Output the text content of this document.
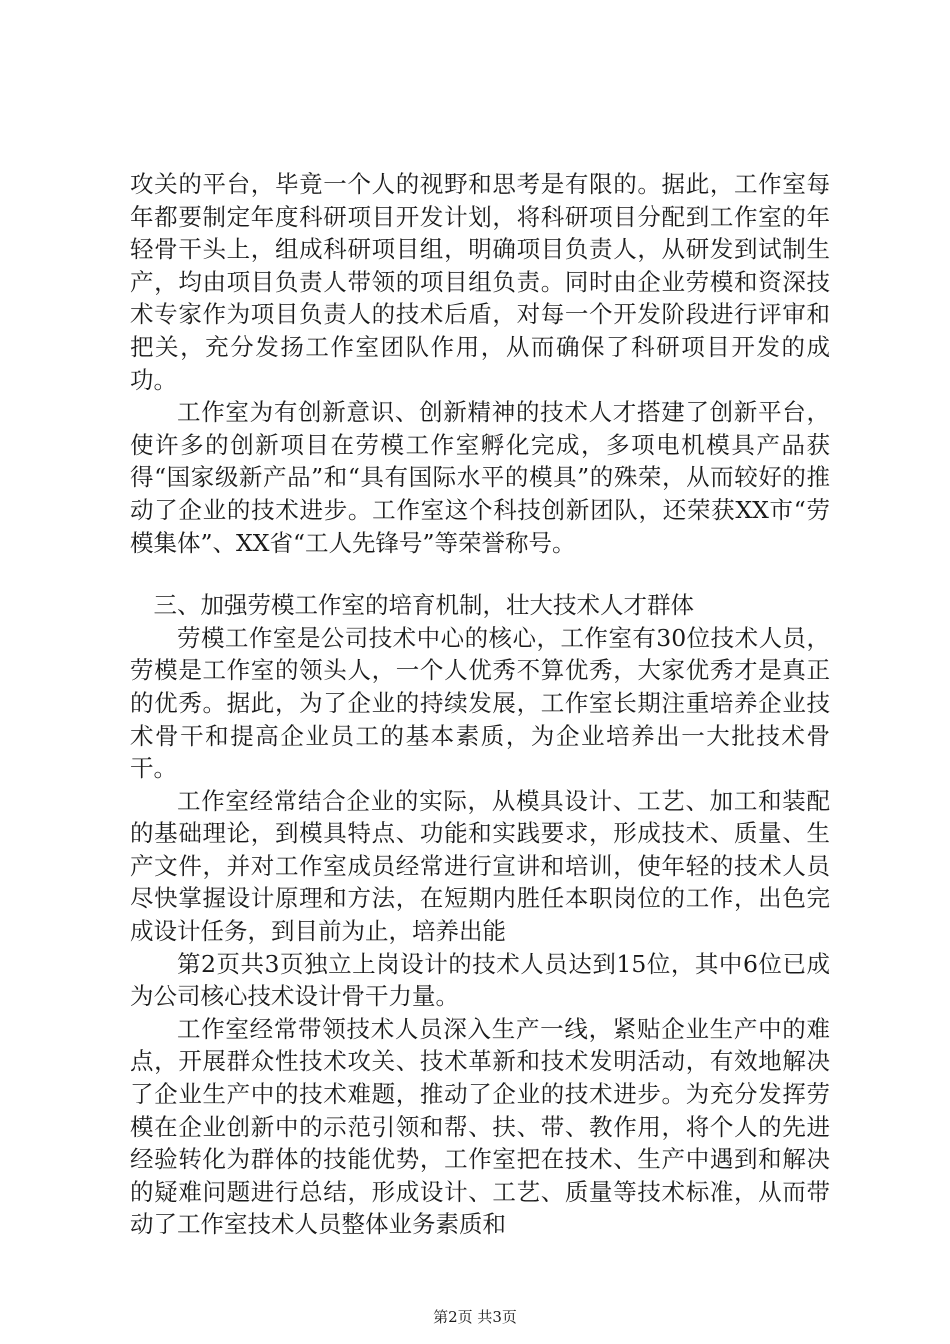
攻关的平台，毕竟一个人的视野和思考是有限的。据此，工作室每年都要制定年度科研项目开发计划，将科研项目分配到工作室的年轻骨干头上，组成科研项目组，明确项目负责人，从研发到试制生产，均由项目负责人带领的项目组负责。同时由企业劳模和资深技术专家作为项目负责人的技术后盾，对每一个开发阶段进行评审和把关，充分发扬工作室团队作用，从而确保了科研项目开发的成功。

工作室为有创新意识、创新精神的技术人才搭建了创新平台，使许多的创新项目在劳模工作室孵化完成，多项电机模具产品获得“国家级新产品”和“具有国际水平的模具”的殊荣，从而较好的推动了企业的技术进步。工作室这个科技创新团队，还荣获XX市“劳模集体”、XX省“工人先锋号”等荣誉称号。

三、加强劳模工作室的培育机制，壮大技术人才群体

劳模工作室是公司技术中心的核心，工作室有30位技术人员，劳模是工作室的领头人，一个人优秀不算优秀，大家优秀才是真正的优秀。据此，为了企业的持续发展，工作室长期注重培养企业技术骨干和提高企业员工的基本素质，为企业培养出一大批技术骨干。

工作室经常结合企业的实际，从模具设计、工艺、加工和装配的基础理论，到模具特点、功能和实践要求，形成技术、质量、生产文件，并对工作室成员经常进行宣讲和培训，使年轻的技术人员尽快掌握设计原理和方法，在短期内胜任本职岗位的工作，出色完成设计任务，到目前为止，培养出能

第2页共3页独立上岗设计的技术人员达到15位，其中6位已成为公司核心技术设计骨干力量。

工作室经常带领技术人员深入生产一线，紧贴企业生产中的难点，开展群众性技术攻关、技术革新和技术发明活动，有效地解决了企业生产中的技术难题，推动了企业的技术进步。为充分发挥劳模在企业创新中的示范引领和帮、扶、带、教作用，将个人的先进经验转化为群体的技能优势，工作室把在技术、生产中遇到和解决的疑难问题进行总结，形成设计、工艺、质量等技术标准，从而带动了工作室技术人员整体业务素质和

第2页 共3页
